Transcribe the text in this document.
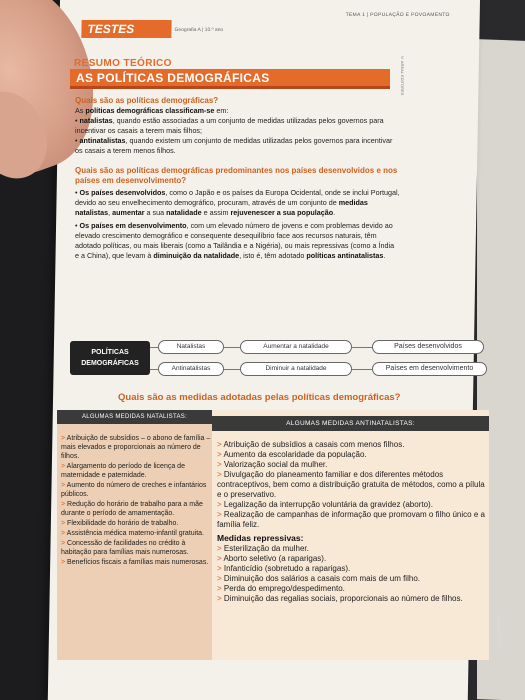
TESTES	Geografia A | 10.º ano
TEMA 1 | POPULAÇÃO E POVOAMENTO
RESUMO TEÓRICO
AS POLÍTICAS DEMOGRÁFICAS	© AREAL EDITORES
Quais são as políticas demográficas?
As políticas demográficas classificam-se em:
• natalistas, quando estão associadas a um conjunto de medidas utilizadas pelos governos para incentivar os casais a terem mais filhos;
• antinatalistas, quando existem um conjunto de medidas utilizadas pelos governos para incentivar os casais a terem menos filhos.
Quais são as políticas demográficas predominantes nos países desenvolvidos e nos países em desenvolvimento?
• Os países desenvolvidos, como o Japão e os países da Europa Ocidental, onde se inclui Portugal, devido ao seu envelhecimento demográfico, procuram, através de um conjunto de medidas natalistas, aumentar a sua natalidade e assim rejuvenescer a sua população.
• Os países em desenvolvimento, com um elevado número de jovens e com problemas devido ao elevado crescimento demográfico e consequente desequilíbrio face aos recursos naturais, têm adotado políticas, ou mais liberais (como a Tailândia e a Nigéria), ou mais repressivas (como a Índia e a China), que levam à diminuição da natalidade, isto é, têm adotado políticas antinatalistas.
POLÍTICAS
DEMOGRÁFICAS
Natalistas
Antinatalistas
Aumentar a natalidade
Diminuir a natalidade
Países desenvolvidos
Países em desenvolvimento
Quais são as medidas adotadas pelas políticas demográficas?
ALGUMAS MEDIDAS NATALISTAS:
ALGUMAS MEDIDAS ANTINATALISTAS:
> Atribuição de subsídios – o abono de família – mais elevados e proporcionais ao número de filhos.
> Alargamento do período de licença de maternidade e paternidade.
> Aumento do número de creches e infantários públicos.
> Redução do horário de trabalho para a mãe durante o período de amamentação.
> Flexibilidade do horário de trabalho.
> Assistência médica materno-infantil gratuita.
> Concessão de facilidades no crédito à habitação para famílias mais numerosas.
> Benefícios fiscais a famílias mais numerosas.
> Atribuição de subsídios a casais com menos filhos.
> Aumento da escolaridade da população.
> Valorização social da mulher.
> Divulgação do planeamento familiar e dos diferentes métodos contraceptivos, bem como a distribuição gratuita de métodos, como a pílula e o preservativo.
> Legalização da interrupção voluntária da gravidez (aborto).
> Realização de campanhas de informação que promovam o filho único e a família feliz.
Medidas repressivas:
> Esterilização da mulher.
> Aborto seletivo (a raparigas).
> Infanticídio (sobretudo a raparigas).
> Diminuição dos salários a casais com mais de um filho.
> Perda do emprego/despedimento.
> Diminuição das regalias sociais, proporcionais ao número de filhos.
© AREAL EDITORES
